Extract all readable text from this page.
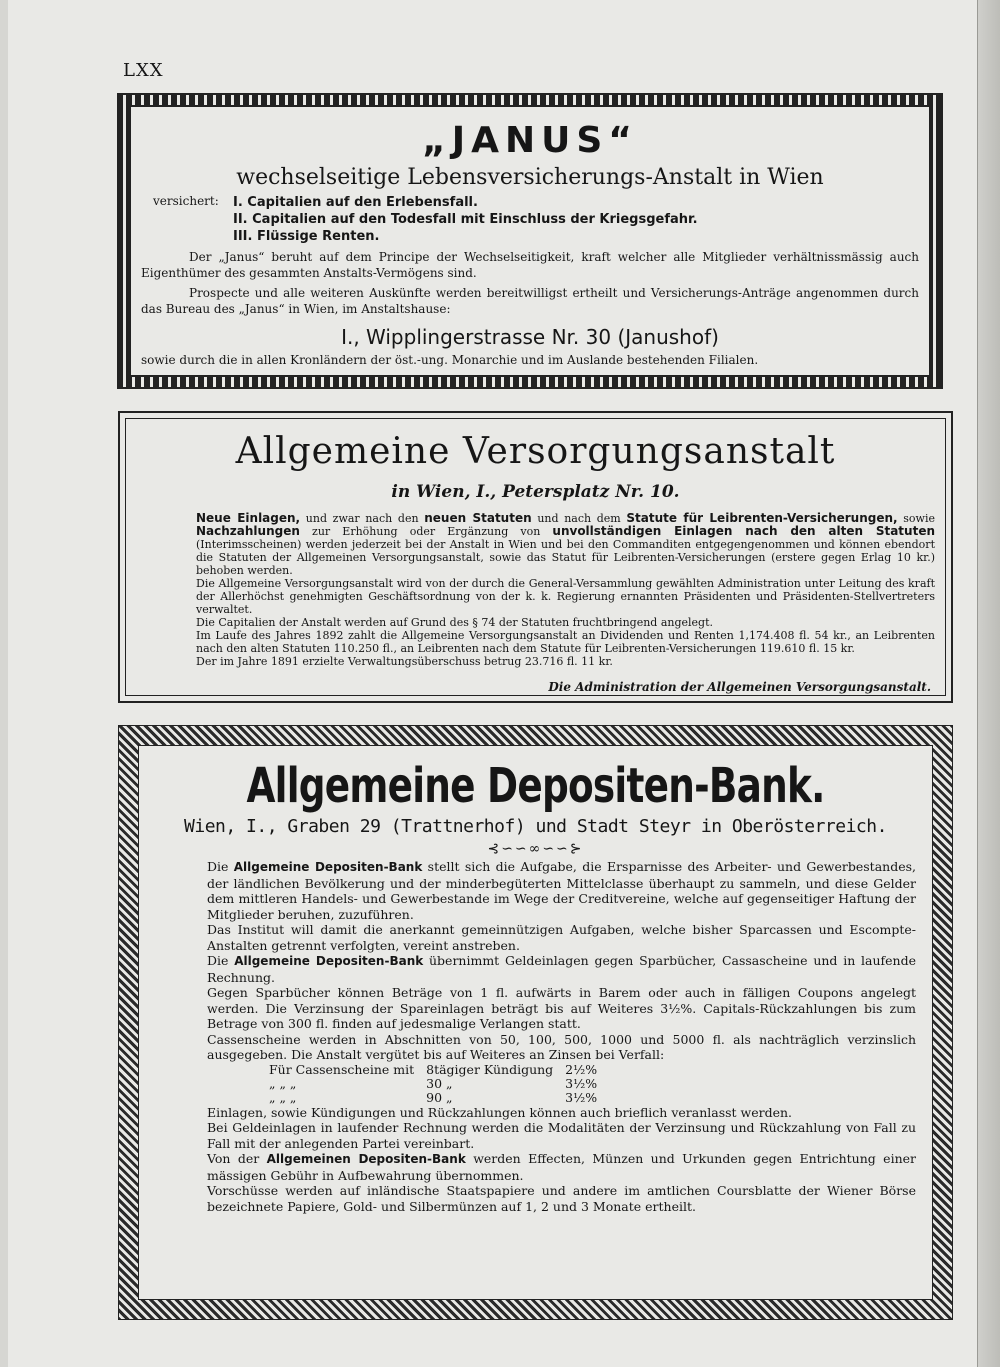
LXX
„JANUS“
wechselseitige Lebensversicherungs-Anstalt in Wien
versichert:	I. Capitalien auf den Erlebensfall.
II. Capitalien auf den Todesfall mit Einschluss der Kriegsgefahr.
III. Flüssige Renten.
Der „Janus“ beruht auf dem Principe der Wechselseitigkeit, kraft welcher alle Mitglieder verhältnissmässig auch Eigenthümer des gesammten Anstalts-Vermögens sind.
Prospecte und alle weiteren Auskünfte werden bereitwilligst ertheilt und Versicherungs-Anträge angenommen durch das Bureau des „Janus“ in Wien, im Anstaltshause:
I., Wipplingerstrasse Nr. 30 (Janushof)
sowie durch die in allen Kronländern der öst.-ung. Monarchie und im Auslande bestehenden Filialen.
Allgemeine Versorgungsanstalt
in Wien, I., Petersplatz Nr. 10.

Neue Einlagen, und zwar nach den neuen Statuten und nach dem Statute für Leibrenten-Versicherungen, sowie Nachzahlungen zur Erhöhung oder Ergänzung von unvollständigen Einlagen nach den alten Statuten (Interimsscheinen) werden jederzeit bei der Anstalt in Wien und bei den Commanditen entgegengenommen und können ebendort die Statuten der Allgemeinen Versorgungsanstalt, sowie das Statut für Leibrenten-Versicherungen (erstere gegen Erlag 10 kr.) behoben werden.

Die Allgemeine Versorgungsanstalt wird von der durch die General-Versammlung gewählten Administration unter Leitung des kraft der Allerhöchst genehmigten Geschäftsordnung von der k. k. Regierung ernannten Präsidenten und Präsidenten-Stellvertreters verwaltet.

Die Capitalien der Anstalt werden auf Grund des § 74 der Statuten fruchtbringend angelegt.

Im Laufe des Jahres 1892 zahlt die Allgemeine Versorgungsanstalt an Dividenden und Renten 1,174.408 fl. 54 kr., an Leibrenten nach den alten Statuten 110.250 fl., an Leibrenten nach dem Statute für Leibrenten-Versicherungen 119.610 fl. 15 kr.

Der im Jahre 1891 erzielte Verwaltungsüberschuss betrug 23.716 fl. 11 kr.

Die Administration der Allgemeinen Versorgungsanstalt.
Allgemeine Depositen-Bank.
Wien, I., Graben 29 (Trattnerhof) und Stadt Steyr in Oberösterreich.
⊰∽∽∞∽∽⊱

Die Allgemeine Depositen-Bank stellt sich die Aufgabe, die Ersparnisse des Arbeiter- und Gewerbestandes, der ländlichen Bevölkerung und der minderbegüterten Mittelclasse überhaupt zu sammeln, und diese Gelder dem mittleren Handels- und Gewerbestande im Wege der Creditvereine, welche auf gegenseitiger Haftung der Mitglieder beruhen, zuzuführen.

Das Institut will damit die anerkannt gemeinnützigen Aufgaben, welche bisher Sparcassen und Escompte-Anstalten getrennt verfolgten, vereint anstreben.

Die Allgemeine Depositen-Bank übernimmt Geldeinlagen gegen Sparbücher, Cassascheine und in laufende Rechnung.

Gegen Sparbücher können Beträge von 1 fl. aufwärts in Barem oder auch in fälligen Coupons angelegt werden. Die Verzinsung der Spareinlagen beträgt bis auf Weiteres 3½%. Capitals-Rückzahlungen bis zum Betrage von 300 fl. finden auf jedesmalige Verlangen statt.

Cassenscheine werden in Abschnitten von 50, 100, 500, 1000 und 5000 fl. als nachträglich verzinslich ausgegeben. Die Anstalt vergütet bis auf Weiteres an Zinsen bei Verfall:

Für Cassenscheine mit	8tägiger Kündigung	2½%
„ „ „	30 „	3½%
„ „ „	90 „	3½%

Einlagen, sowie Kündigungen und Rückzahlungen können auch brieflich veranlasst werden.

Bei Geldeinlagen in laufender Rechnung werden die Modalitäten der Verzinsung und Rückzahlung von Fall zu Fall mit der anlegenden Partei vereinbart.

Von der Allgemeinen Depositen-Bank werden Effecten, Münzen und Urkunden gegen Entrichtung einer mässigen Gebühr in Aufbewahrung übernommen.

Vorschüsse werden auf inländische Staatspapiere und andere im amtlichen Coursblatte der Wiener Börse bezeichnete Papiere, Gold- und Silbermünzen auf 1, 2 und 3 Monate ertheilt.
